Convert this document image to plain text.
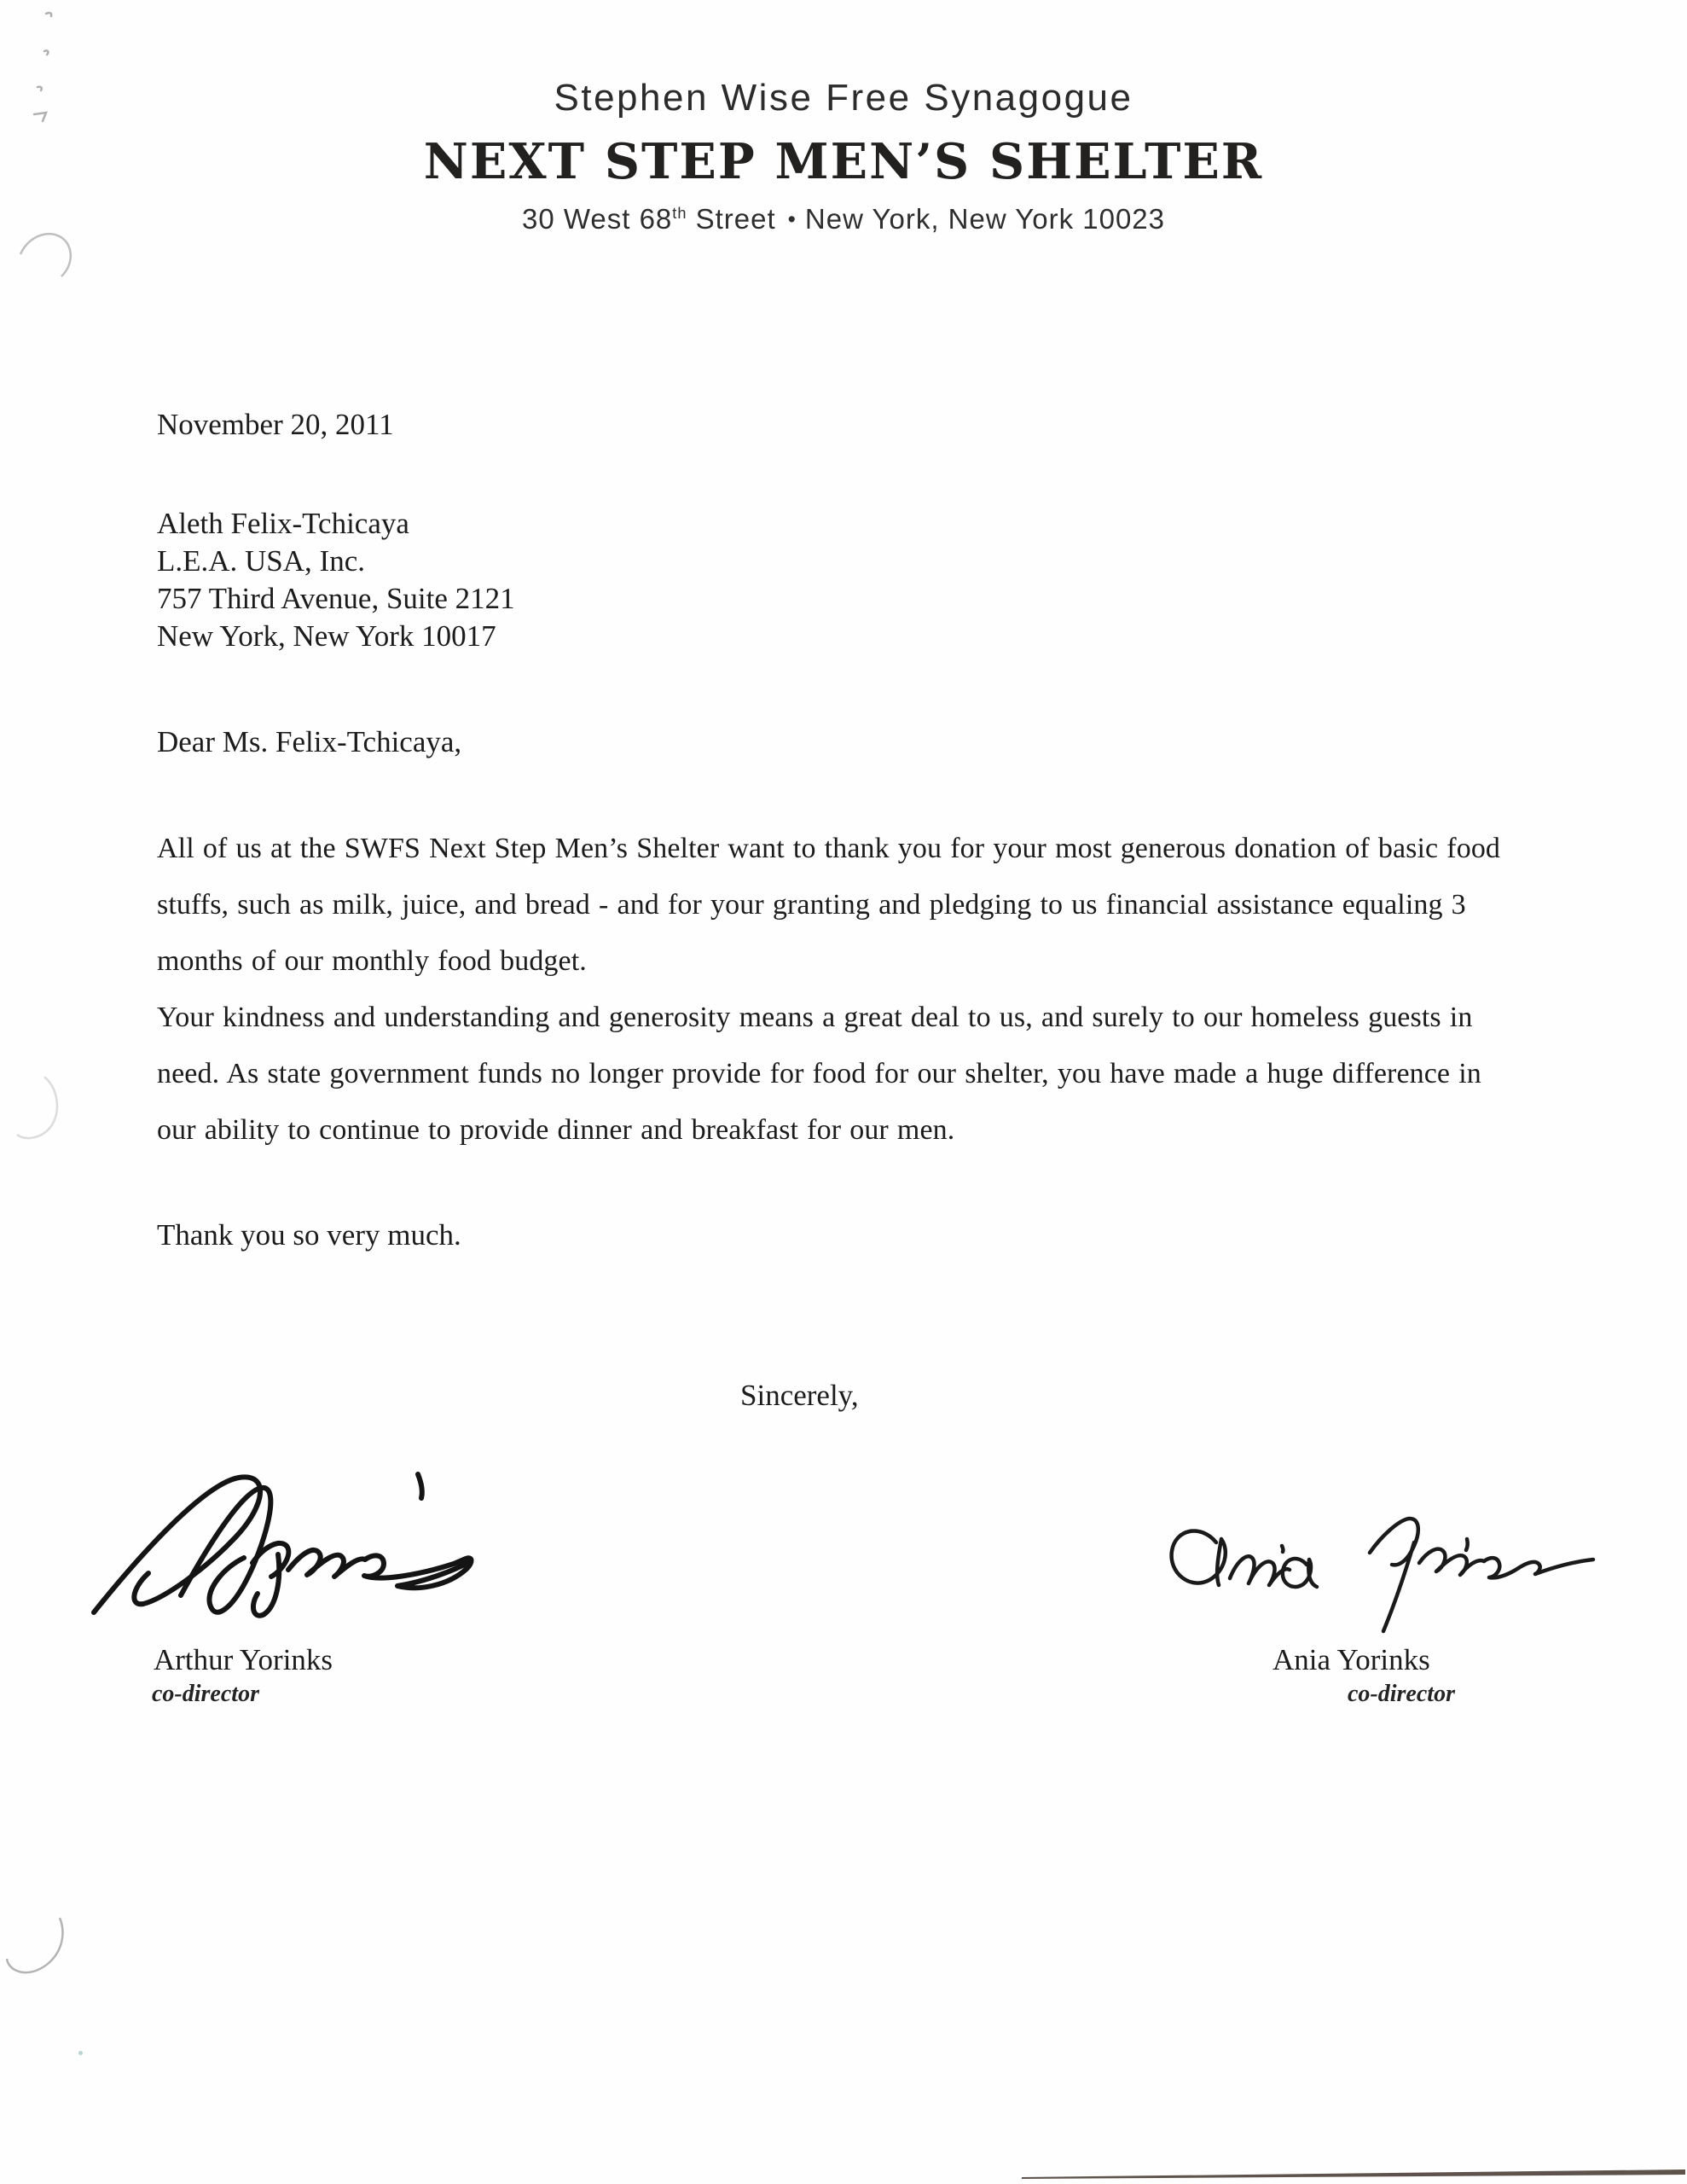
Stephen Wise Free Synagogue
NEXT STEP MEN’S SHELTER
30 West 68th Street • New York, New York 10023
November 20, 2011
Aleth Felix-Tchicaya
L.E.A. USA, Inc.
757 Third Avenue, Suite 2121
New York, New York 10017
Dear Ms. Felix-Tchicaya,
All of us at the SWFS Next Step Men’s Shelter want to thank you for your most generous donation of basic food stuffs, such as milk, juice, and bread - and for your granting and pledging to us financial assistance equaling 3 months of our monthly food budget.
Your kindness and understanding and generosity means a great deal to us, and surely to our homeless guests in need. As state government funds no longer provide for food for our shelter, you have made a huge difference in our ability to continue to provide dinner and breakfast for our men.
Thank you so very much.
Sincerely,
Arthur Yorinks
co-director
Ania Yorinks
co-director
